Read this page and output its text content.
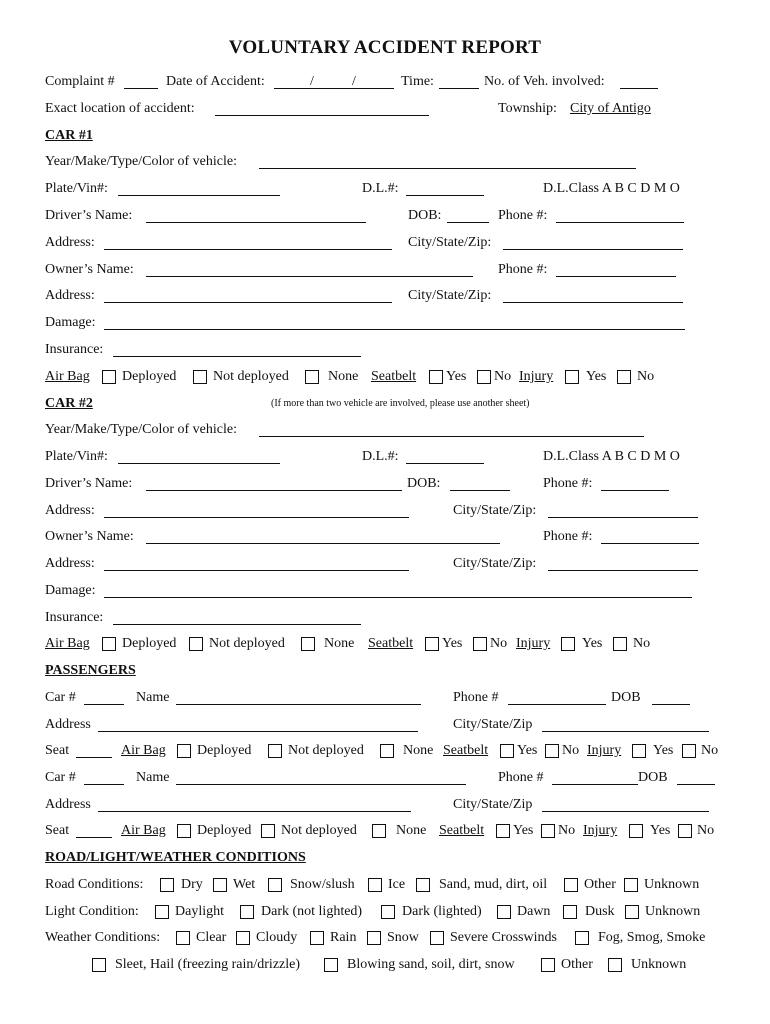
VOLUNTARY ACCIDENT REPORT
Complaint #	Date of Accident:	/	/	Time:	No. of Veh. involved:
Exact location of accident:	Township: City of Antigo
CAR #1
Year/Make/Type/Color of vehicle:
Plate/Vin#:	D.L.#:	D.L.Class A B C D M O
Driver’s Name:	DOB:	Phone #:
Address:	City/State/Zip:
Owner’s Name:	Phone #:
Address:	City/State/Zip:
Damage:
Insurance:
Air Bag Deployed	Not deployed	None Seatbelt Yes No Injury Yes No
CAR #2	(If more than two vehicle are involved, please use another sheet)
Year/Make/Type/Color of vehicle:
Plate/Vin#:	D.L.#:	D.L.Class A B C D M O
Driver’s Name:	DOB:	Phone #:
Address:	City/State/Zip:
Owner’s Name:	Phone #:
Address:	City/State/Zip:
Damage:
Insurance:
Air Bag Deployed Not deployed	None Seatbelt Yes No Injury Yes No
PASSENGERS
Car #	Name	Phone #	DOB
Address	City/State/Zip
Seat	Air Bag Deployed	Not deployed	None Seatbelt Yes No Injury Yes No
Car #	Name	Phone #	DOB
Address	City/State/Zip
Seat	Air Bag Deployed Not deployed	None Seatbelt Yes No Injury Yes No
ROAD/LIGHT/WEATHER CONDITIONS
Road Conditions:	Dry Wet Snow/slush Ice Sand, mud, dirt, oil	Other Unknown
Light Condition:	Daylight	Dark (not lighted)	Dark (lighted)	Dawn Dusk Unknown
Weather Conditions:	Clear Cloudy Rain Snow Severe Crosswinds	Fog, Smog, Smoke
Sleet, Hail (freezing rain/drizzle)	Blowing sand, soil, dirt, snow	Other	Unknown
